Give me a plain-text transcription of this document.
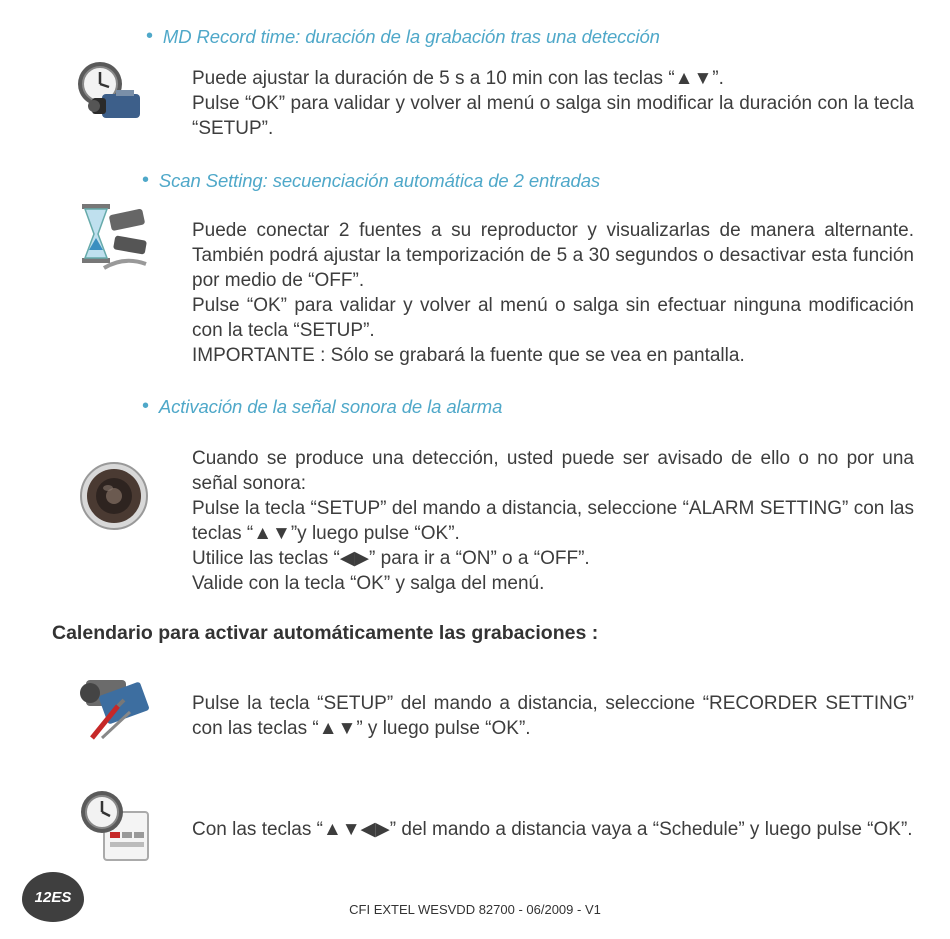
• MD Record time: duración de la grabación tras una detección
Puede ajustar la duración de 5 s a 10 min con las teclas “▲▼”.
Pulse “OK” para validar y volver al menú o salga sin modificar la duración con la tecla “SETUP”.
• Scan Setting: secuenciación automática de 2 entradas
Puede conectar 2 fuentes a su reproductor y visualizarlas de manera alternante. También podrá ajustar la temporización de 5 a 30 segundos o desactivar esta función por medio de “OFF”.
Pulse “OK” para validar y volver al menú o salga sin efectuar ninguna modificación con la tecla “SETUP”.
IMPORTANTE : Sólo se grabará la fuente que se vea en pantalla.
• Activación de la señal sonora de la alarma
Cuando se produce una detección, usted puede ser avisado de ello o no por una señal sonora:
Pulse la tecla “SETUP” del mando a distancia, seleccione “ALARM SETTING” con las teclas “▲▼”y luego pulse “OK”.
Utilice las teclas “◀▶” para ir a “ON” o a “OFF”.
Valide con la tecla “OK” y salga del menú.
Calendario para activar automáticamente las grabaciones :
Pulse la tecla “SETUP” del mando a distancia, seleccione “RECORDER SETTING” con las teclas “▲▼” y luego pulse “OK”.
Con las teclas “▲▼◀▶” del mando a distancia vaya a “Schedule” y luego pulse “OK”.
12ES
CFI EXTEL WESVDD 82700 - 06/2009 - V1
